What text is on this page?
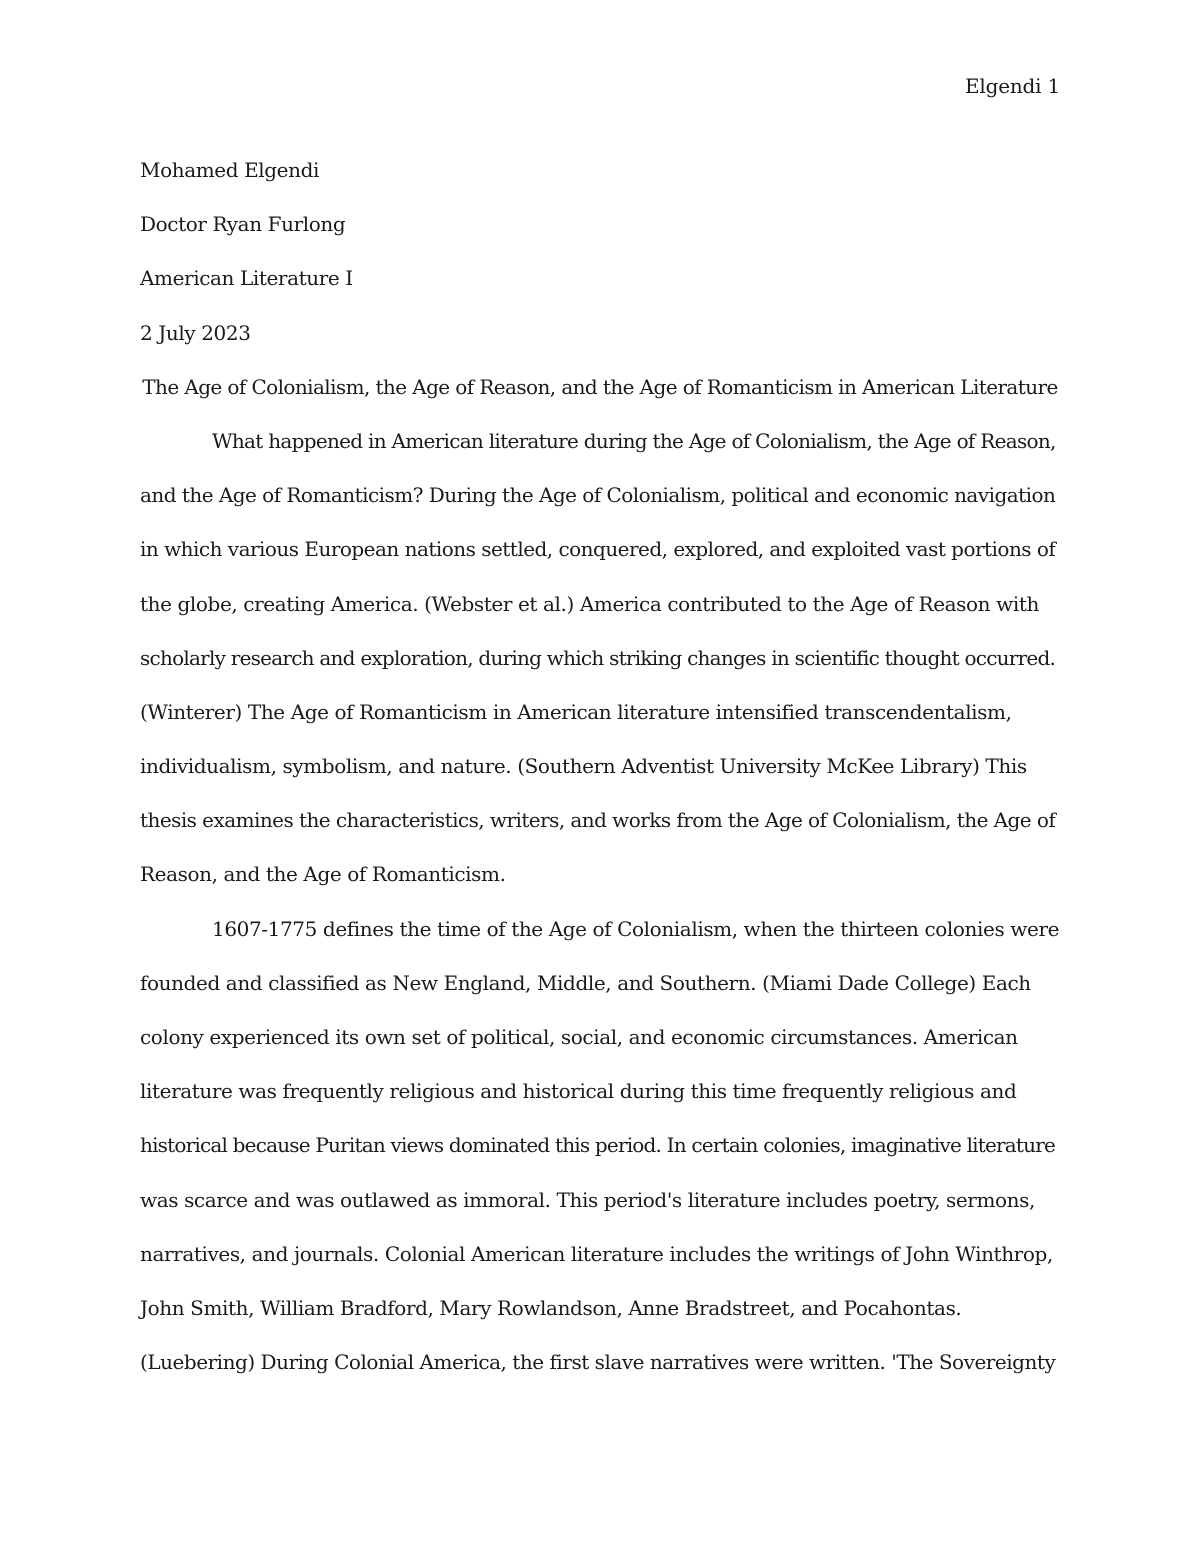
Elgendi 1
Mohamed Elgendi
Doctor Ryan Furlong
American Literature I
2 July 2023
The Age of Colonialism, the Age of Reason, and the Age of Romanticism in American Literature
What happened in American literature during the Age of Colonialism, the Age of Reason,
and the Age of Romanticism? During the Age of Colonialism, political and economic navigation
in which various European nations settled, conquered, explored, and exploited vast portions of
the globe, creating America. (Webster et al.) America contributed to the Age of Reason with
scholarly research and exploration, during which striking changes in scientific thought occurred.
(Winterer) The Age of Romanticism in American literature intensified transcendentalism,
individualism, symbolism, and nature. (Southern Adventist University McKee Library) This
thesis examines the characteristics, writers, and works from the Age of Colonialism, the Age of
Reason, and the Age of Romanticism.
1607-1775 defines the time of the Age of Colonialism, when the thirteen colonies were
founded and classified as New England, Middle, and Southern. (Miami Dade College) Each
colony experienced its own set of political, social, and economic circumstances. American
literature was frequently religious and historical during this time frequently religious and
historical because Puritan views dominated this period. In certain colonies, imaginative literature
was scarce and was outlawed as immoral. This period's literature includes poetry, sermons,
narratives, and journals. Colonial American literature includes the writings of John Winthrop,
John Smith, William Bradford, Mary Rowlandson, Anne Bradstreet, and Pocahontas.
(Luebering) During Colonial America, the first slave narratives were written. 'The Sovereignty
